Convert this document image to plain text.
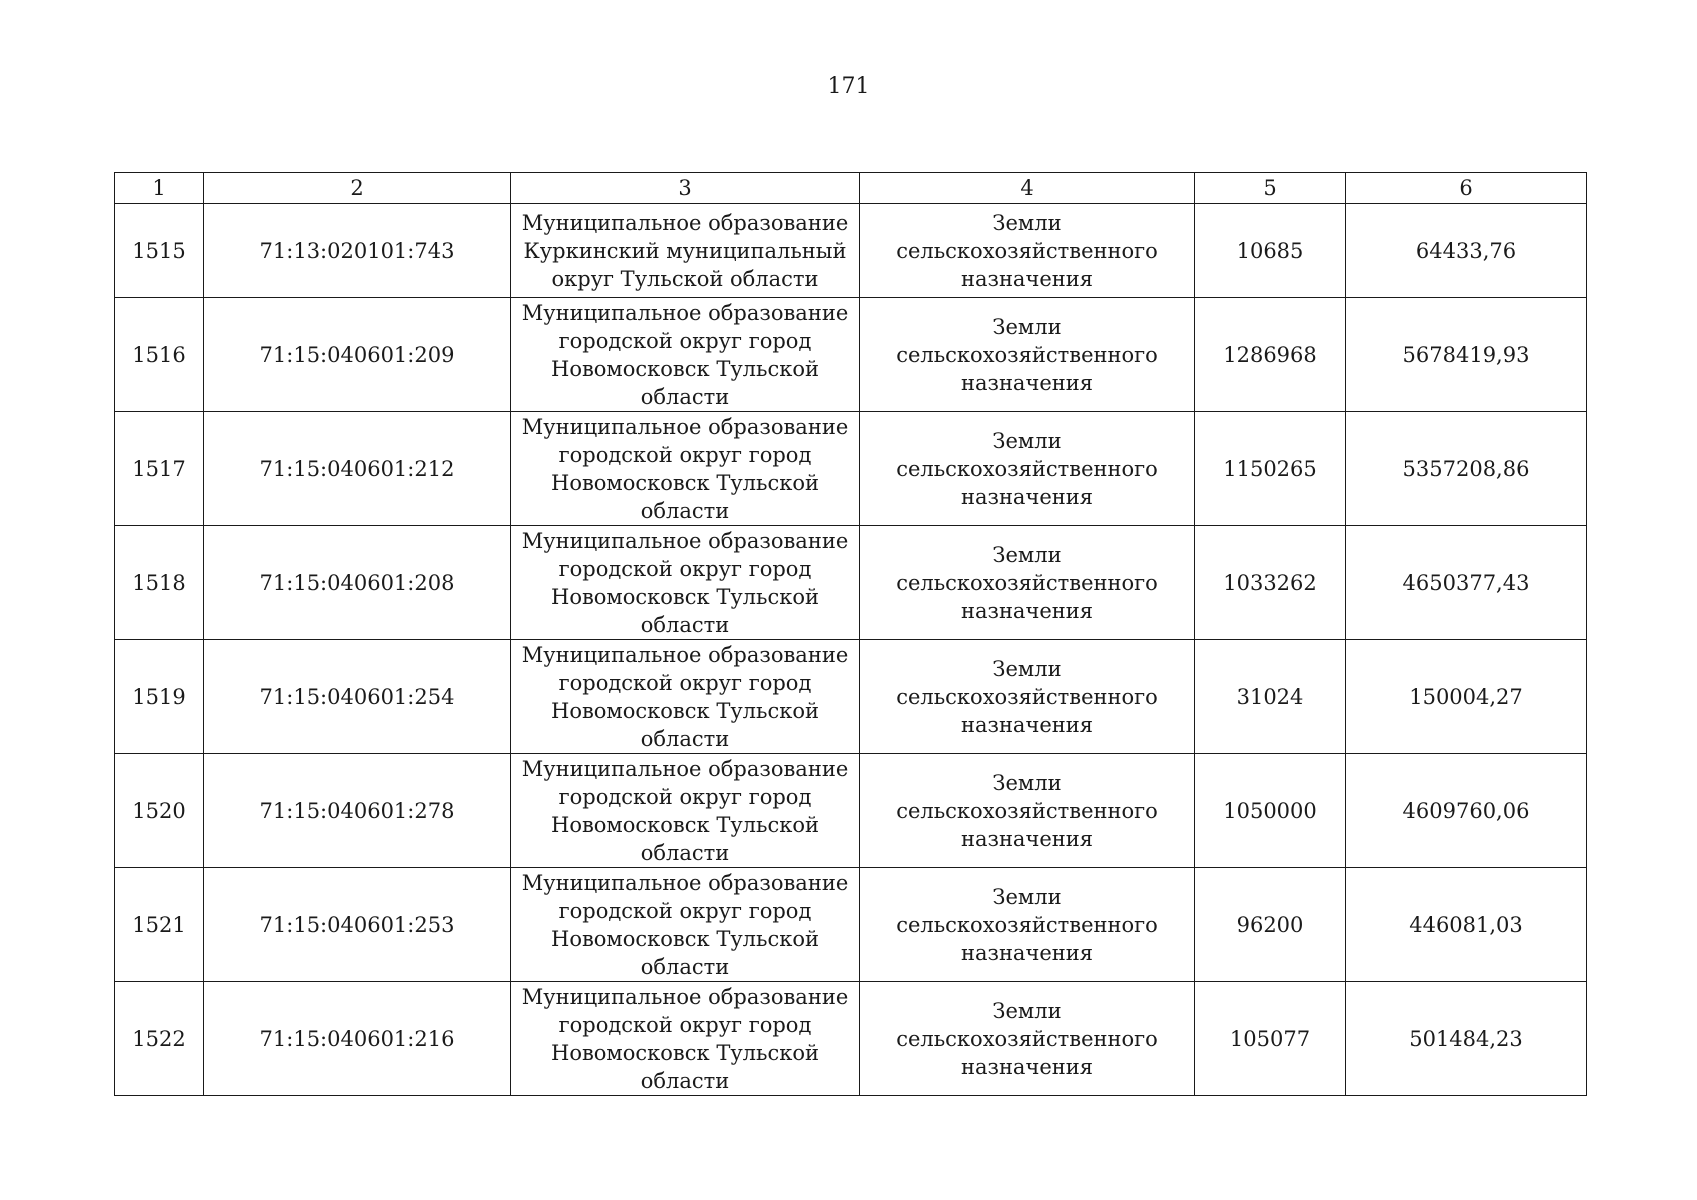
171
1	2	3	4	5	6
1515	71:13:020101:743	Муниципальное образование Куркинский муниципальный округ Тульской области	Земли сельскохозяйственного назначения	10685	64433,76
1516	71:15:040601:209	Муниципальное образование городской округ город Новомосковск Тульской области	Земли сельскохозяйственного назначения	1286968	5678419,93
1517	71:15:040601:212	Муниципальное образование городской округ город Новомосковск Тульской области	Земли сельскохозяйственного назначения	1150265	5357208,86
1518	71:15:040601:208	Муниципальное образование городской округ город Новомосковск Тульской области	Земли сельскохозяйственного назначения	1033262	4650377,43
1519	71:15:040601:254	Муниципальное образование городской округ город Новомосковск Тульской области	Земли сельскохозяйственного назначения	31024	150004,27
1520	71:15:040601:278	Муниципальное образование городской округ город Новомосковск Тульской области	Земли сельскохозяйственного назначения	1050000	4609760,06
1521	71:15:040601:253	Муниципальное образование городской округ город Новомосковск Тульской области	Земли сельскохозяйственного назначения	96200	446081,03
1522	71:15:040601:216	Муниципальное образование городской округ город Новомосковск Тульской области	Земли сельскохозяйственного назначения	105077	501484,23
